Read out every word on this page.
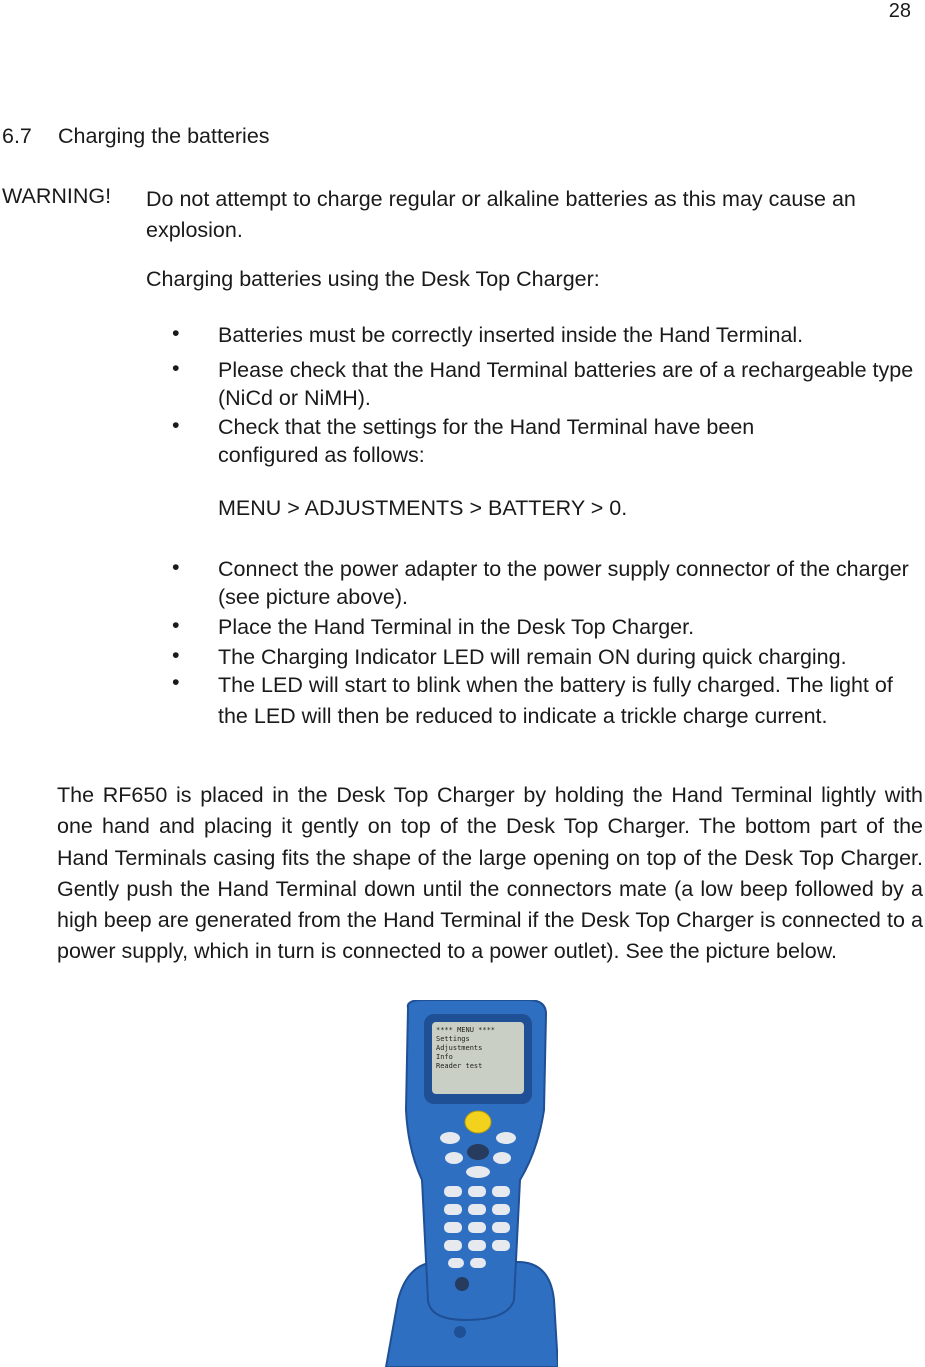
28
6.7 Charging the batteries
WARNING! Do not attempt to charge regular or alkaline batteries as this may cause an explosion.
Charging batteries using the Desk Top Charger:
• Batteries must be correctly inserted inside the Hand Terminal.
• Please check that the Hand Terminal batteries are of a rechargeable type (NiCd or NiMH).
• Check that the settings for the Hand Terminal have been configured as follows:
MENU > ADJUSTMENTS > BATTERY > 0.
• Connect the power adapter to the power supply connector of the charger (see picture above).
• Place the Hand Terminal in the Desk Top Charger.
• The Charging Indicator LED will remain ON during quick charging.
• The LED will start to blink when the battery is fully charged. The light of the LED will then be reduced to indicate a trickle charge current.
The RF650 is placed in the Desk Top Charger by holding the Hand Terminal lightly with one hand and placing it gently on top of the Desk Top Charger. The bottom part of the Hand Terminals casing fits the shape of the large opening on top of the Desk Top Charger. Gently push the Hand Terminal down until the connectors mate (a low beep followed by a high beep are generated from the Hand Terminal if the Desk Top Charger is connected to a power supply, which in turn is connected to a power outlet). See the picture below.
**** MENU ****
Settings
Adjustments
Info
Reader test
